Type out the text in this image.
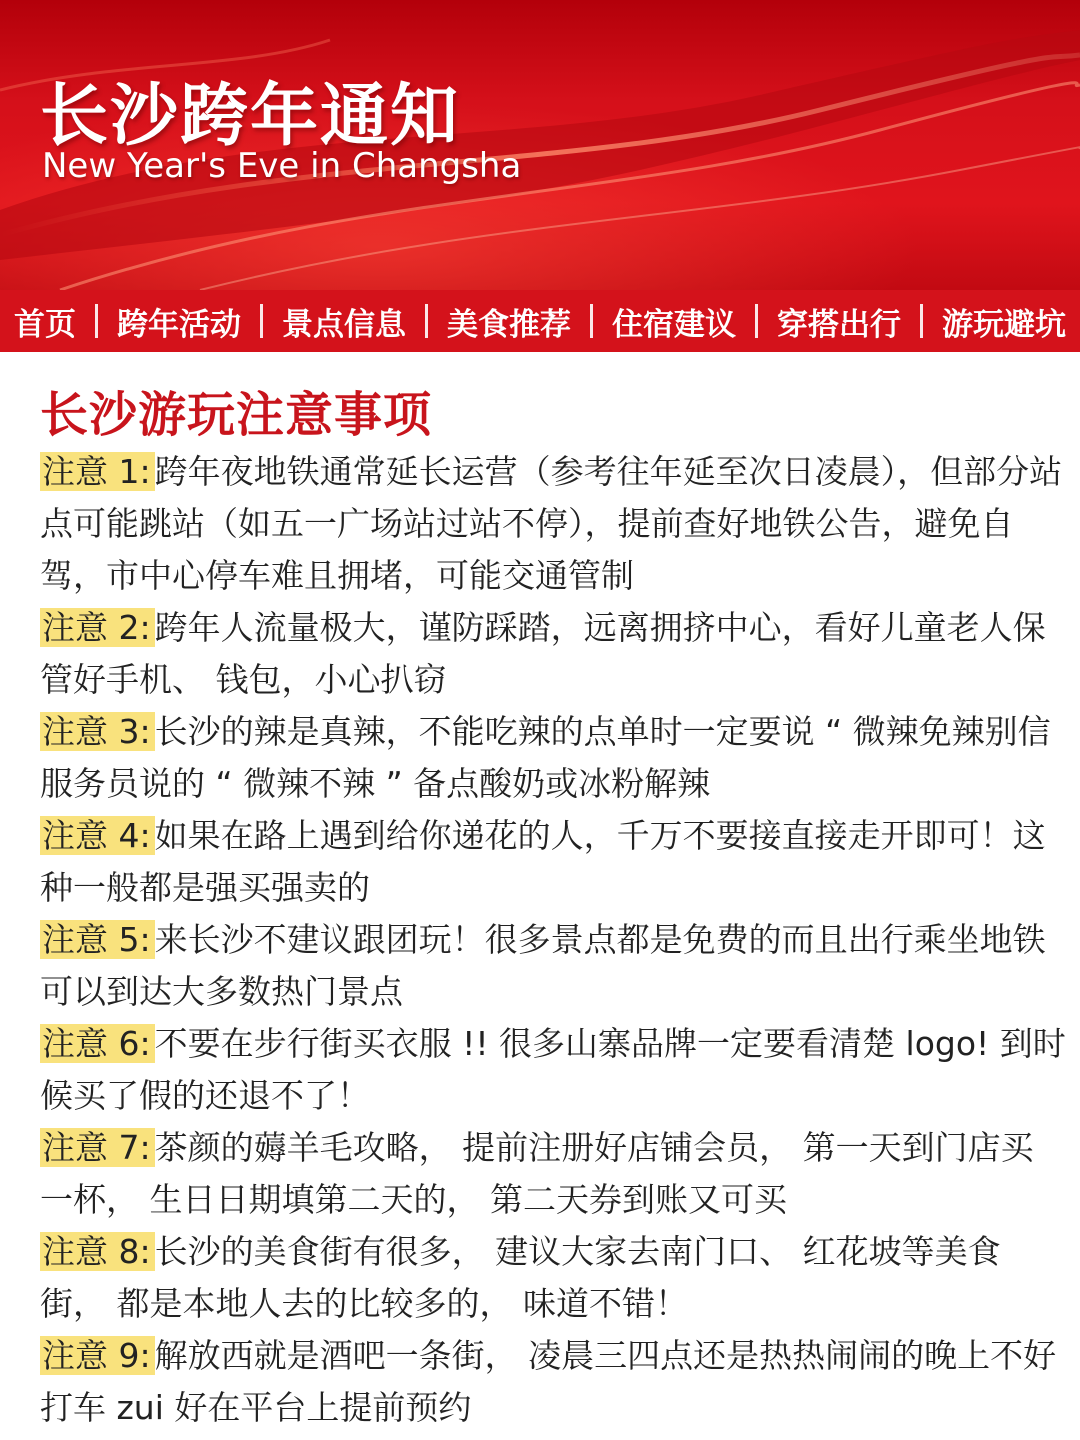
长沙跨年通知
New Year's Eve in Changsha
首页 跨年活动 景点信息 美食推荐 住宿建议 穿搭出行 游玩避坑
长沙游玩注意事项

注意 1: 跨年夜地铁通常延长运营（参考往年延至次日凌晨），但部分站点可能跳站（如五一广场站过站不停），提前查好地铁公告，避免自驾，市中心停车难且拥堵，可能交通管制

注意 2: 跨年人流量极大，谨防踩踏，远离拥挤中心，看好儿童老人保管好手机、 钱包，小心扒窃

注意 3: 长沙的辣是真辣，不能吃辣的点单时一定要说 “ 微辣免辣别信服务员说的 “ 微辣不辣 ” 备点酸奶或冰粉解辣

注意 4: 如果在路上遇到给你递花的人，千万不要接直接走开即可！这种一般都是强买强卖的

注意 5: 来长沙不建议跟团玩！很多景点都是免费的而且出行乘坐地铁可以到达大多数热门景点

注意 6: 不要在步行街买衣服 !! 很多山寨品牌一定要看清楚 logo! 到时候买了假的还退不了！

注意 7: 茶颜的薅羊毛攻略， 提前注册好店铺会员， 第一天到门店买一杯， 生日日期填第二天的， 第二天券到账又可买

注意 8: 长沙的美食街有很多， 建议大家去南门口、 红花坡等美食街， 都是本地人去的比较多的， 味道不错！

注意 9: 解放西就是酒吧一条街， 凌晨三四点还是热热闹闹的晚上不好打车 zui 好在平台上提前预约
